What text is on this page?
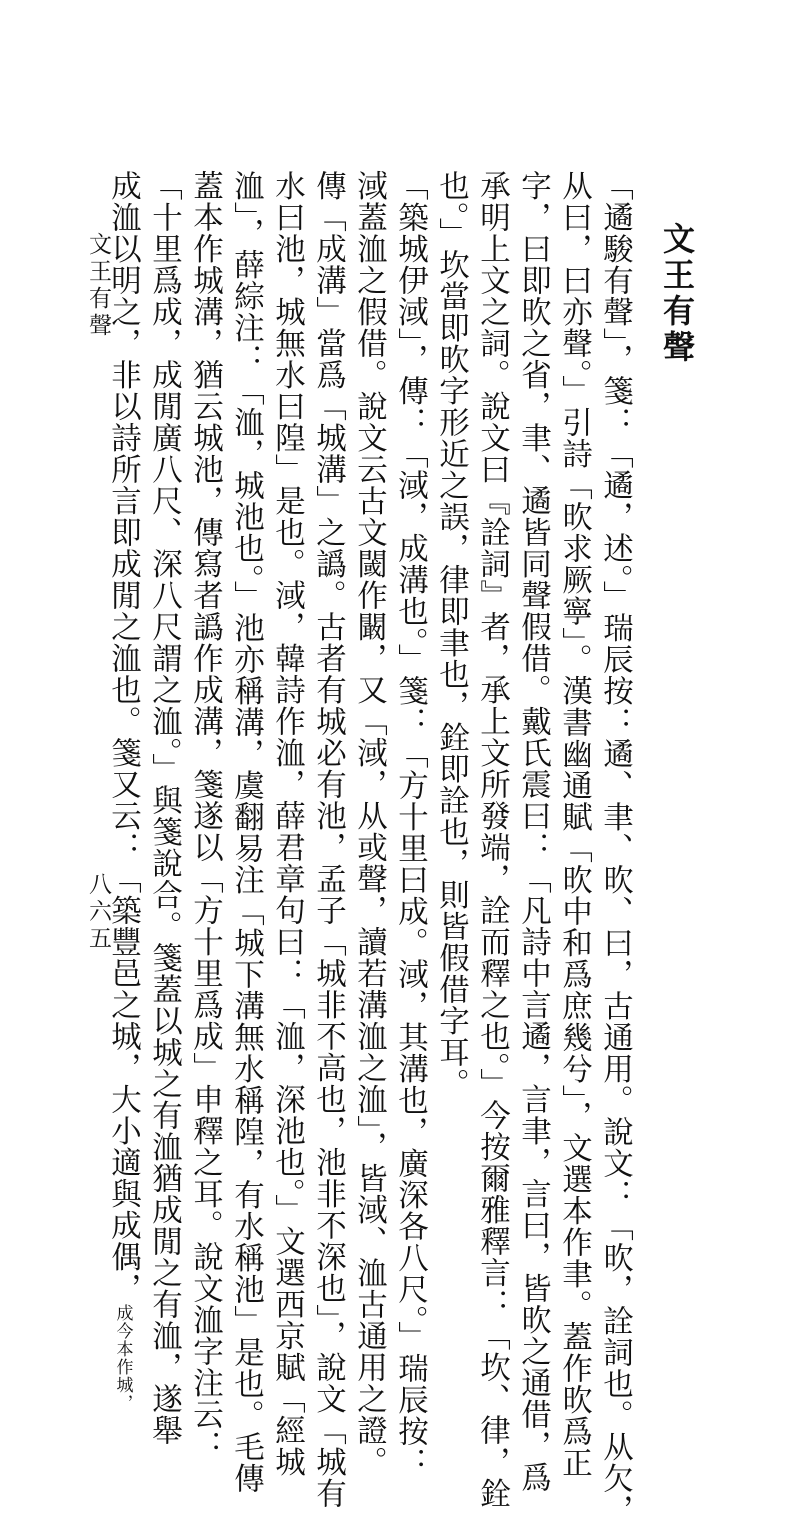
文王有聲
「遹駿有聲」，箋：「遹，述。」瑞辰按：遹、聿、欥、曰，古通用。說文：「欥，詮詞也。从欠，
从曰，曰亦聲。」引詩「欥求厥寧」。漢書幽通賦「欥中和爲庶幾兮」，文選本作聿。蓋作欥爲正
字，曰即欥之省，聿、遹皆同聲假借。戴氏震曰：「凡詩中言遹，言聿，言曰，皆欥之通借，爲
承明上文之詞。說文曰『詮詞』者，承上文所發端，詮而釋之也。」今按爾雅釋言：「坎、律，銓
也。」坎當即欥字形近之誤，律即聿也，銓即詮也，則皆假借字耳。
「築城伊淢」，傳：「淢，成溝也。」箋：「方十里曰成。淢，其溝也，廣深各八尺。」瑞辰按：
淢蓋洫之假借。說文云古文閾作闞，又「淢，从或聲，讀若溝洫之洫」，皆淢、洫古通用之證。
傳「成溝」當爲「城溝」之譌。古者有城必有池，孟子「城非不高也，池非不深也」，說文「城有
水曰池，城無水曰隍」是也。淢，韓詩作洫，薛君章句曰：「洫，深池也。」文選西京賦「經城
洫」，薛綜注：「洫，城池也。」池亦稱溝，虞翻易注「城下溝無水稱隍，有水稱池」是也。毛傳
蓋本作城溝，猶云城池，傳寫者譌作成溝，箋遂以「方十里爲成」申釋之耳。說文洫字注云：
「十里爲成，成閒廣八尺、深八尺謂之洫。」與箋說合。箋蓋以城之有洫猶成閒之有洫，遂舉
成洫以明之，非以詩所言即成閒之洫也。箋又云：「築豐邑之城，大小適與成偶，成今本作城，
文王有聲
八六五
